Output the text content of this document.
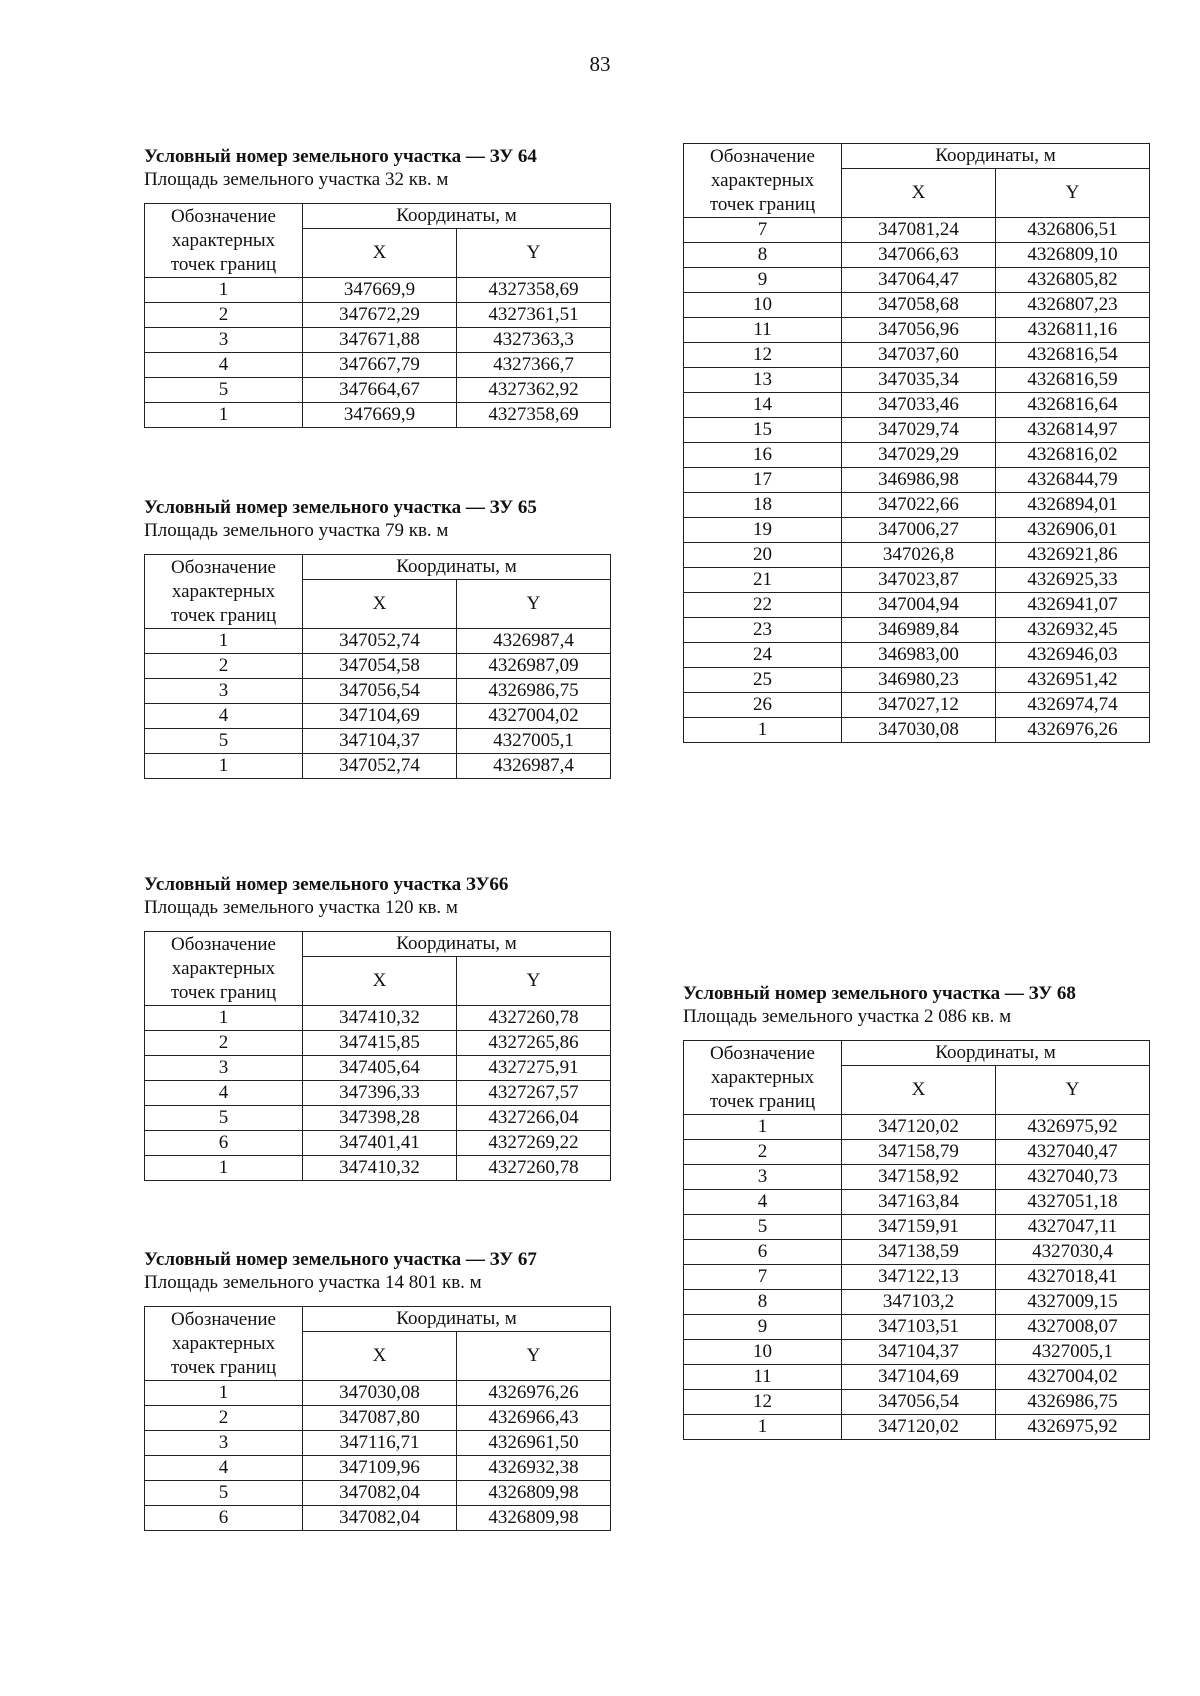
83

Условный номер земельного участка — ЗУ 64

Площадь земельного участка 32 кв. м

Обозначение характерных точек границ	Координаты, м	
	X	Y
1	347669,9	4327358,69
2	347672,29	4327361,51
3	347671,88	4327363,3
4	347667,79	4327366,7
5	347664,67	4327362,92
1	347669,9	4327358,69

Условный номер земельного участка — ЗУ 65

Площадь земельного участка 79 кв. м

Обозначение характерных точек границ	Координаты, м	
	X	Y
1	347052,74	4326987,4
2	347054,58	4326987,09
3	347056,54	4326986,75
4	347104,69	4327004,02
5	347104,37	4327005,1
1	347052,74	4326987,4

Условный номер земельного участка ЗУ66

Площадь земельного участка 120 кв. м

Обозначение характерных точек границ	Координаты, м	
	X	Y
1	347410,32	4327260,78
2	347415,85	4327265,86
3	347405,64	4327275,91
4	347396,33	4327267,57
5	347398,28	4327266,04
6	347401,41	4327269,22
1	347410,32	4327260,78

Условный номер земельного участка — ЗУ 67

Площадь земельного участка 14 801 кв. м

Обозначение характерных точек границ	Координаты, м	
	X	Y
1	347030,08	4326976,26
2	347087,80	4326966,43
3	347116,71	4326961,50
4	347109,96	4326932,38
5	347082,04	4326809,98
6	347082,04	4326809,98
Обозначение характерных точек границ	Координаты, м	
	X	Y
7	347081,24	4326806,51
8	347066,63	4326809,10
9	347064,47	4326805,82
10	347058,68	4326807,23
11	347056,96	4326811,16
12	347037,60	4326816,54
13	347035,34	4326816,59
14	347033,46	4326816,64
15	347029,74	4326814,97
16	347029,29	4326816,02
17	346986,98	4326844,79
18	347022,66	4326894,01
19	347006,27	4326906,01
20	347026,8	4326921,86
21	347023,87	4326925,33
22	347004,94	4326941,07
23	346989,84	4326932,45
24	346983,00	4326946,03
25	346980,23	4326951,42
26	347027,12	4326974,74
1	347030,08	4326976,26

Условный номер земельного участка — ЗУ 68

Площадь земельного участка 2 086 кв. м

Обозначение характерных точек границ	Координаты, м	
	X	Y
1	347120,02	4326975,92
2	347158,79	4327040,47
3	347158,92	4327040,73
4	347163,84	4327051,18
5	347159,91	4327047,11
6	347138,59	4327030,4
7	347122,13	4327018,41
8	347103,2	4327009,15
9	347103,51	4327008,07
10	347104,37	4327005,1
11	347104,69	4327004,02
12	347056,54	4326986,75
1	347120,02	4326975,92
